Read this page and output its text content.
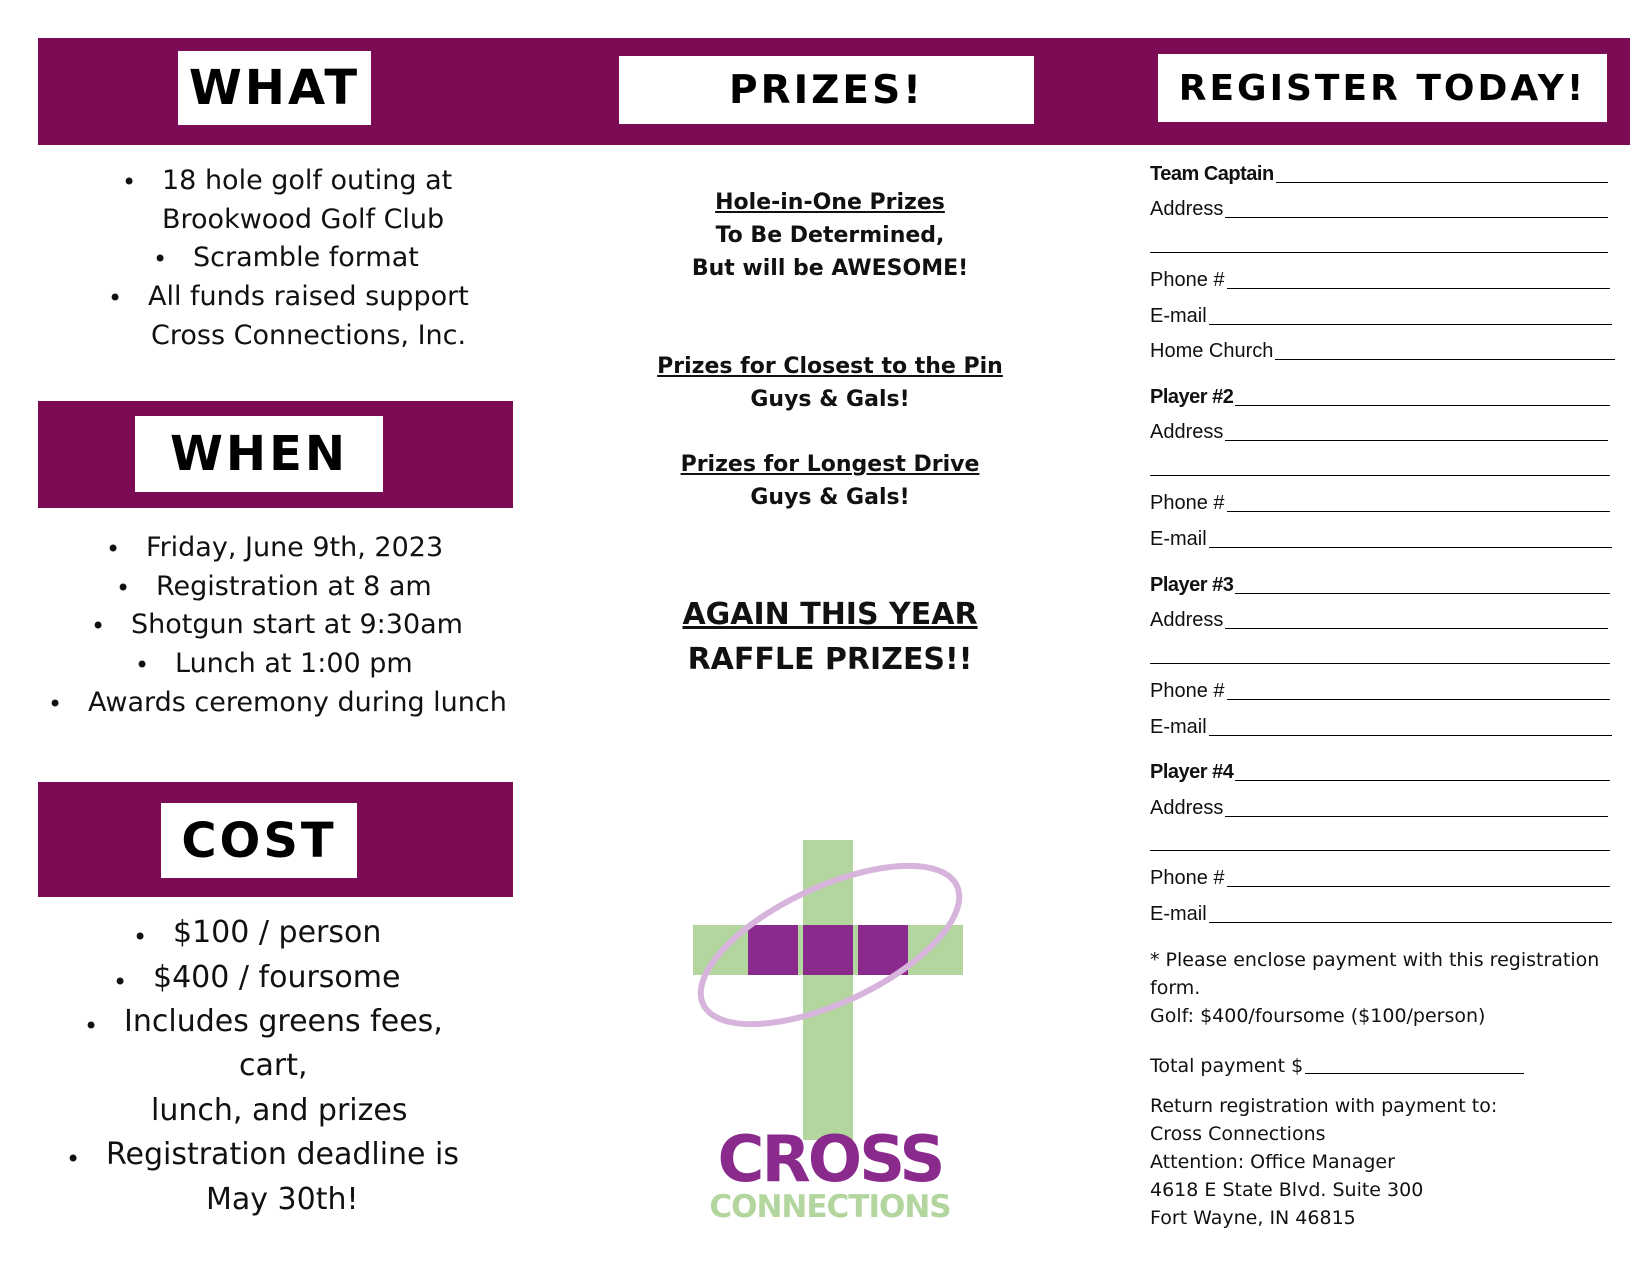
WHAT	PRIZES!	REGISTER TODAY!
WHEN
COST
• 18 hole golf outing at
Brookwood Golf Club
• Scramble format
• All funds raised support
Cross Connections, Inc.
• Friday, June 9th, 2023
• Registration at 8 am
• Shotgun start at 9:30am
• Lunch at 1:00 pm
• Awards ceremony during lunch
• $100 / person
• $400 / foursome
• Includes greens fees,
cart,
lunch, and prizes
• Registration deadline is
May 30th!
Hole-in-One Prizes
To Be Determined,
But will be AWESOME!
Prizes for Closest to the Pin
Guys & Gals!
Prizes for Longest Drive
Guys & Gals!
AGAIN THIS YEAR
RAFFLE PRIZES!!
CROSS
CONNECTIONS
Team Captain
Address
Phone #
E-mail
Home Church
Player #2
Address
Phone #
E-mail
Player #3
Address
Phone #
E-mail
Player #4
Address
Phone #
E-mail
* Please enclose payment with this registration
form.
Golf: $400/foursome ($100/person)
Total payment $
Return registration with payment to:
Cross Connections
Attention: Office Manager
4618 E State Blvd. Suite 300
Fort Wayne, IN 46815
